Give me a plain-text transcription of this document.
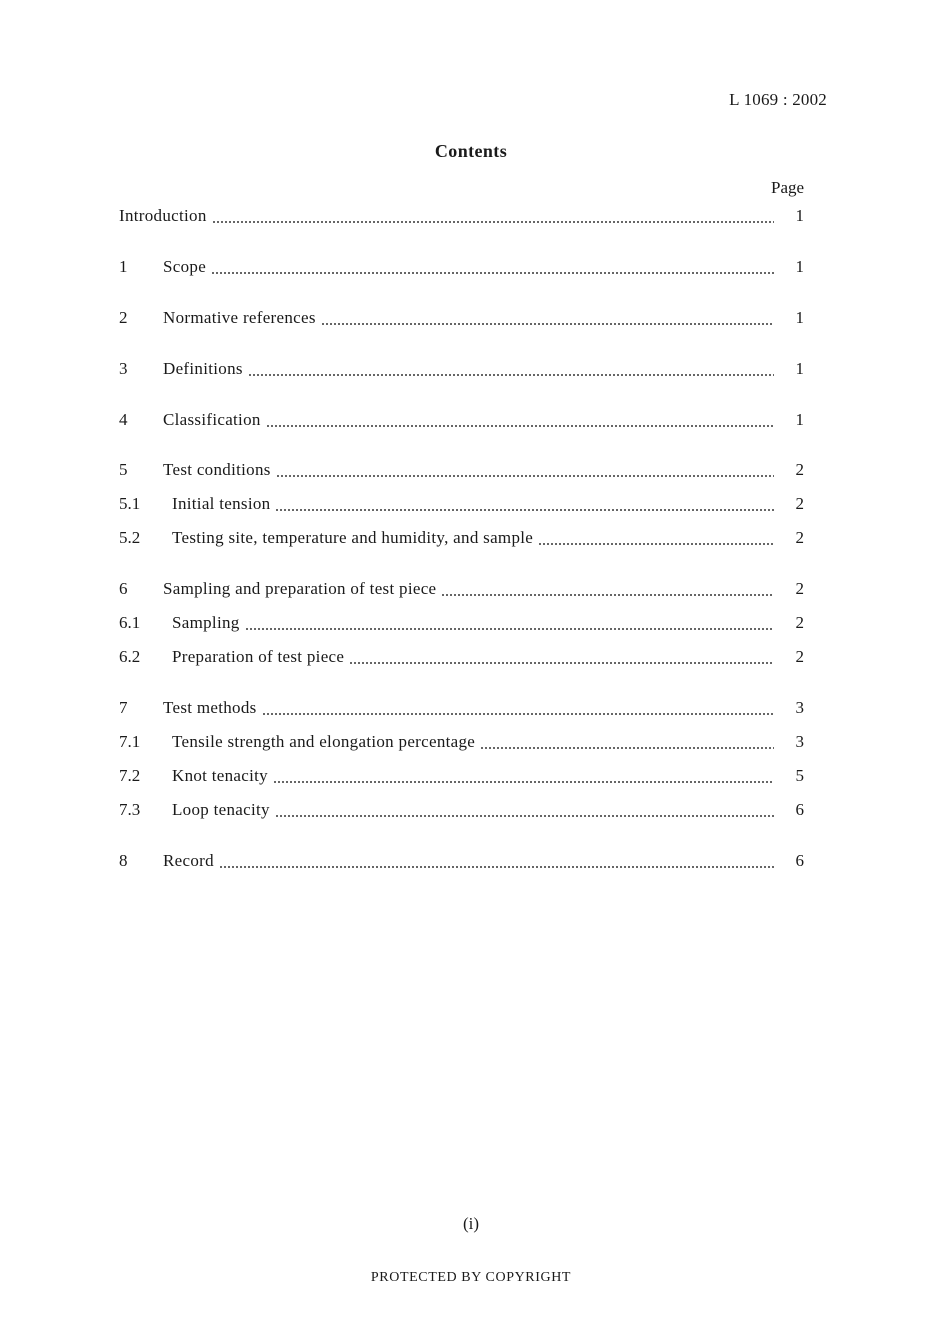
L 1069 : 2002
Contents
Page
Introduction	1
1	Scope	1
2	Normative references	1
3	Definitions	1
4	Classification	1
5	Test conditions	2
5.1	Initial tension	2
5.2	Testing site, temperature and humidity, and sample	2
6	Sampling and preparation of test piece	2
6.1	Sampling	2
6.2	Preparation of test piece	2
7	Test methods	3
7.1	Tensile strength and elongation percentage	3
7.2	Knot tenacity	5
7.3	Loop tenacity	6
8	Record	6
(i)
PROTECTED BY COPYRIGHT
